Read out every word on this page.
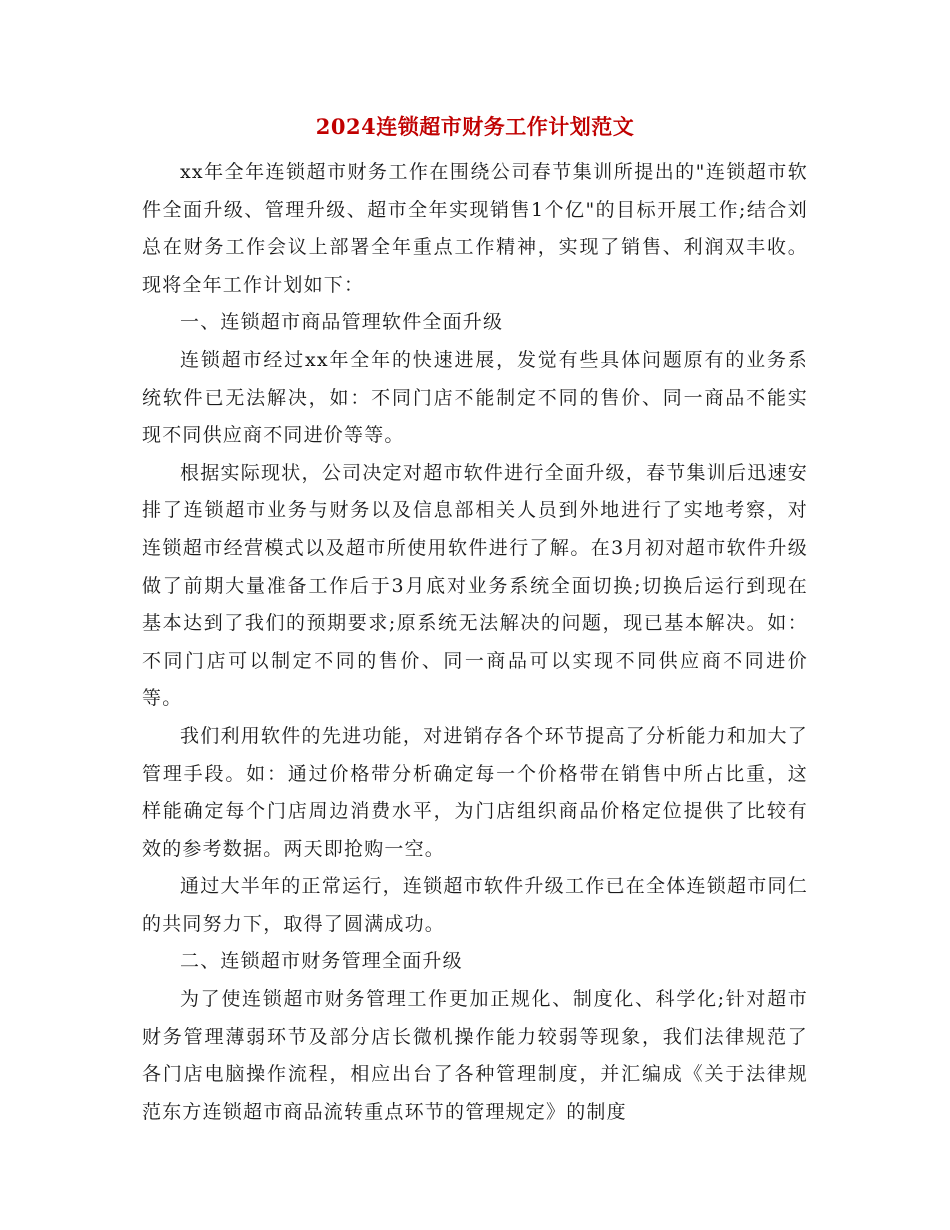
2024连锁超市财务工作计划范文

xx年全年连锁超市财务工作在围绕公司春节集训所提出的"连锁超市软件全面升级、管理升级、超市全年实现销售1个亿"的目标开展工作;结合刘总在财务工作会议上部署全年重点工作精神，实现了销售、利润双丰收。现将全年工作计划如下：

一、连锁超市商品管理软件全面升级

连锁超市经过xx年全年的快速进展，发觉有些具体问题原有的业务系统软件已无法解决，如：不同门店不能制定不同的售价、同一商品不能实现不同供应商不同进价等等。

根据实际现状，公司决定对超市软件进行全面升级，春节集训后迅速安排了连锁超市业务与财务以及信息部相关人员到外地进行了实地考察，对连锁超市经营模式以及超市所使用软件进行了解。在3月初对超市软件升级做了前期大量准备工作后于3月底对业务系统全面切换;切换后运行到现在基本达到了我们的预期要求;原系统无法解决的问题，现已基本解决。如：不同门店可以制定不同的售价、同一商品可以实现不同供应商不同进价等。

我们利用软件的先进功能，对进销存各个环节提高了分析能力和加大了管理手段。如：通过价格带分析确定每一个价格带在销售中所占比重，这样能确定每个门店周边消费水平，为门店组织商品价格定位提供了比较有效的参考数据。两天即抢购一空。

通过大半年的正常运行，连锁超市软件升级工作已在全体连锁超市同仁的共同努力下，取得了圆满成功。

二、连锁超市财务管理全面升级

为了使连锁超市财务管理工作更加正规化、制度化、科学化;针对超市财务管理薄弱环节及部分店长微机操作能力较弱等现象，我们法律规范了各门店电脑操作流程，相应出台了各种管理制度，并汇编成《关于法律规范东方连锁超市商品流转重点环节的管理规定》的制度
